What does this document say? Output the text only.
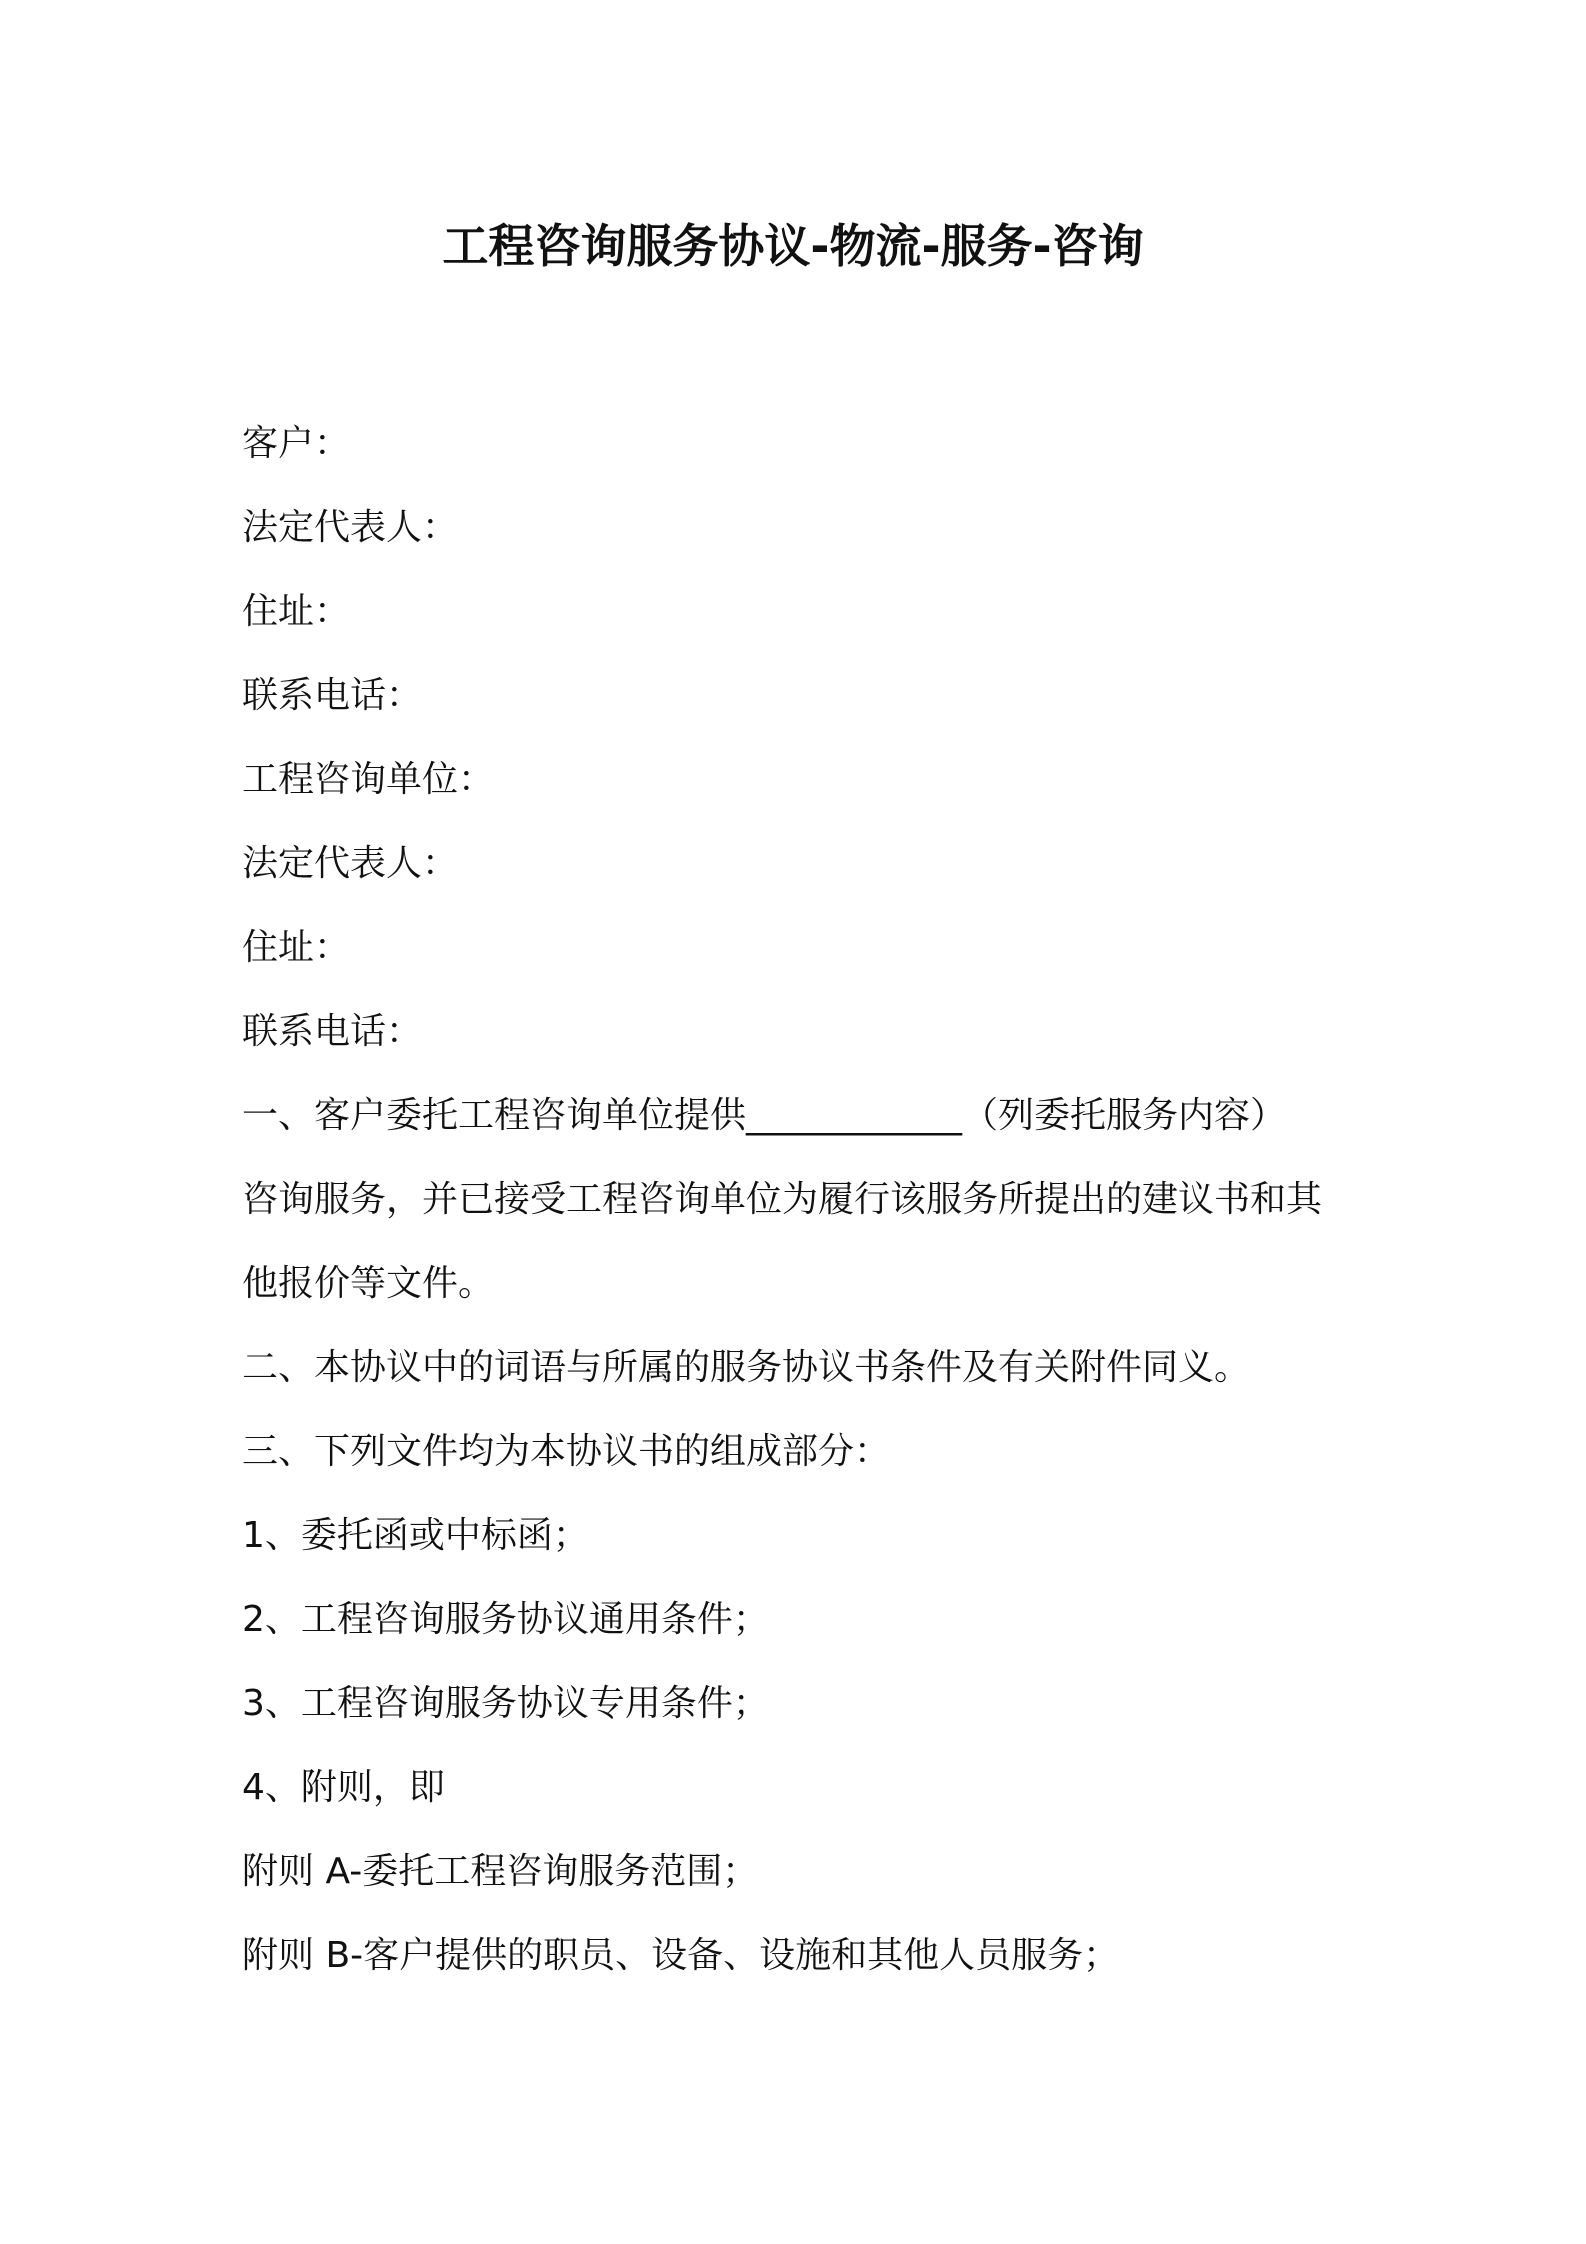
工程咨询服务协议-物流-服务-咨询
客户：
法定代表人：
住址：
联系电话：
工程咨询单位：
法定代表人：
住址：
联系电话：
一、客户委托工程咨询单位提供____________（列委托服务内容）
咨询服务，并已接受工程咨询单位为履行该服务所提出的建议书和其
他报价等文件。
二、本协议中的词语与所属的服务协议书条件及有关附件同义。
三、下列文件均为本协议书的组成部分：
1、委托函或中标函；
2、工程咨询服务协议通用条件；
3、工程咨询服务协议专用条件；
4、附则，即
附则 A-委托工程咨询服务范围；
附则 B-客户提供的职员、设备、设施和其他人员服务；
